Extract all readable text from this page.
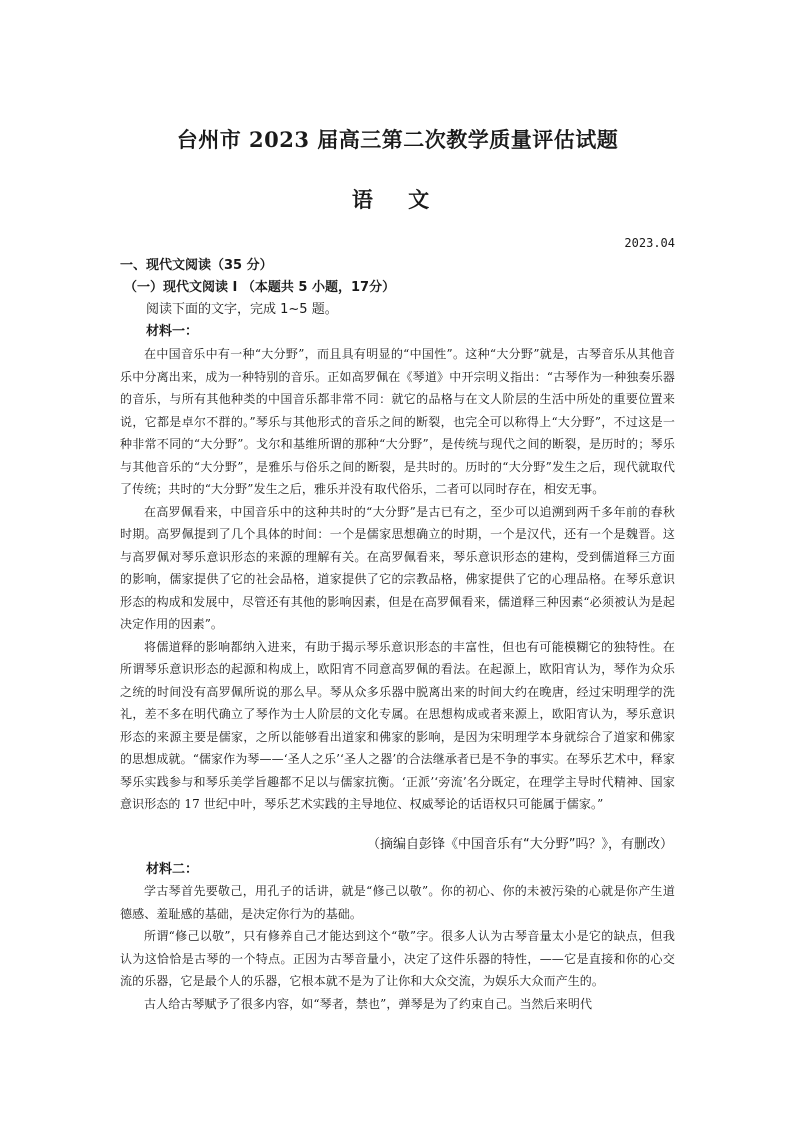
台州市 2023 届高三第二次教学质量评估试题
语 文
2023.04
一、现代文阅读（35 分）
（一）现代文阅读 I （本题共 5 小题，17分）
阅读下面的文字，完成 1~5 题。
材料一：

在中国音乐中有一种“大分野”，而且具有明显的“中国性”。这种“大分野”就是，古琴音乐从其他音乐中分离出来，成为一种特别的音乐。正如高罗佩在《琴道》中开宗明义指出：“古琴作为一种独奏乐器的音乐，与所有其他种类的中国音乐都非常不同：就它的品格与在文人阶层的生活中所处的重要位置来说，它都是卓尔不群的。”琴乐与其他形式的音乐之间的断裂，也完全可以称得上“大分野”，不过这是一种非常不同的“大分野”。戈尔和基维所谓的那种“大分野”，是传统与现代之间的断裂，是历时的；琴乐与其他音乐的“大分野”，是雅乐与俗乐之间的断裂，是共时的。历时的“大分野”发生之后，现代就取代了传统；共时的“大分野”发生之后，雅乐并没有取代俗乐，二者可以同时存在，相安无事。

在高罗佩看来，中国音乐中的这种共时的“大分野”是古已有之，至少可以追溯到两千多年前的春秋时期。高罗佩提到了几个具体的时间：一个是儒家思想确立的时期，一个是汉代，还有一个是魏晋。这与高罗佩对琴乐意识形态的来源的理解有关。在高罗佩看来，琴乐意识形态的建构，受到儒道释三方面的影响，儒家提供了它的社会品格，道家提供了它的宗教品格，佛家提供了它的心理品格。在琴乐意识形态的构成和发展中，尽管还有其他的影响因素，但是在高罗佩看来，儒道释三种因素“必须被认为是起决定作用的因素”。

将儒道释的影响都纳入进来，有助于揭示琴乐意识形态的丰富性，但也有可能模糊它的独特性。在所谓琴乐意识形态的起源和构成上，欧阳宵不同意高罗佩的看法。在起源上，欧阳宵认为，琴作为众乐之统的时间没有高罗佩所说的那么早。琴从众多乐器中脱离出来的时间大约在晚唐，经过宋明理学的洗礼，差不多在明代确立了琴作为士人阶层的文化专属。在思想构成或者来源上，欧阳宵认为，琴乐意识形态的来源主要是儒家，之所以能够看出道家和佛家的影响，是因为宋明理学本身就综合了道家和佛家的思想成就。“儒家作为琴——‘圣人之乐’‘圣人之器’的合法继承者已是不争的事实。在琴乐艺术中，释家琴乐实践参与和琴乐美学旨趣都不足以与儒家抗衡。‘正派’‘旁流’名分既定，在理学主导时代精神、国家意识形态的 17 世纪中叶，琴乐艺术实践的主导地位、权威琴论的话语权只可能属于儒家。”

（摘编自彭锋《中国音乐有“大分野”吗？》，有删改）
材料二：

学古琴首先要敬己，用孔子的话讲，就是“修己以敬”。你的初心、你的未被污染的心就是你产生道德感、羞耻感的基础，是决定你行为的基础。

所谓“修己以敬”，只有修养自己才能达到这个“敬”字。很多人认为古琴音量太小是它的缺点，但我认为这恰恰是古琴的一个特点。正因为古琴音量小，决定了这件乐器的特性，——它是直接和你的心交流的乐器，它是最个人的乐器，它根本就不是为了让你和大众交流，为娱乐大众而产生的。

古人给古琴赋予了很多内容，如“琴者，禁也”，弹琴是为了约束自己。当然后来明代
